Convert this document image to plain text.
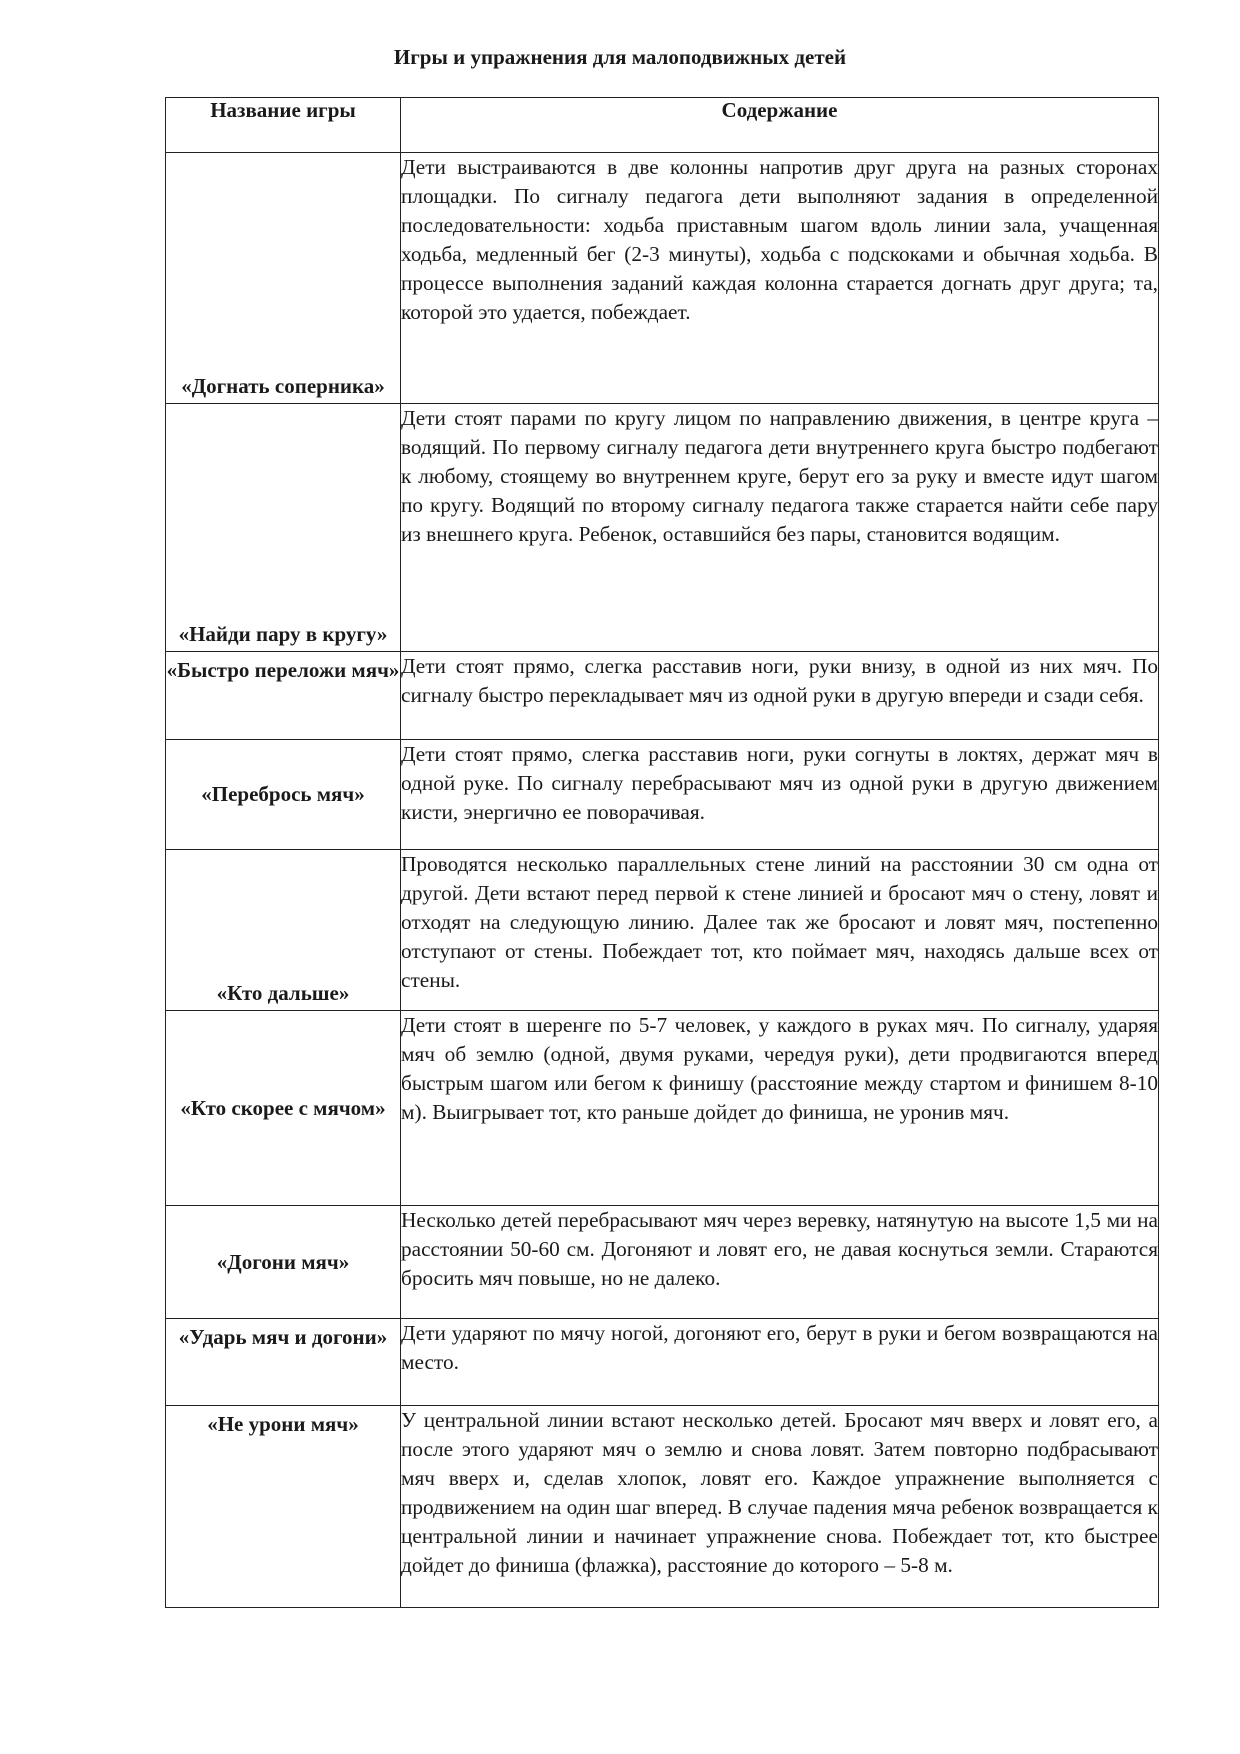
Игры и упражнения для малоподвижных детей
Название игры	Содержание
«Догнать соперника»	Дети выстраиваются в две колонны напротив друг друга на разных сторонах площадки. По сигналу педагога дети выполняют задания в определенной последовательности: ходьба приставным шагом вдоль линии зала, учащенная ходьба, медленный бег (2-3 минуты), ходьба с подскоками и обычная ходьба. В процессе выполнения заданий каждая колонна старается догнать друг друга; та, которой это удается, побеждает.
«Найди пару в кругу»	Дети стоят парами по кругу лицом по направлению движения, в центре круга – водящий. По первому сигналу педагога дети внутреннего круга быстро подбегают к любому, стоящему во внутреннем круге, берут его за руку и вместе идут шагом по кругу. Водящий по второму сигналу педагога также старается найти себе пару из внешнего круга. Ребенок, оставшийся без пары, становится водящим.
«Быстро переложи мяч»	Дети стоят прямо, слегка расставив ноги, руки внизу, в одной из них мяч. По сигналу быстро перекладывает мяч из одной руки в другую впереди и сзади себя.
«Переброcь мяч»	Дети стоят прямо, слегка расставив ноги, руки согнуты в локтях, держат мяч в одной руке. По сигналу перебрасывают мяч из одной руки в другую движением кисти, энергично ее поворачивая.
«Кто дальше»	Проводятся несколько параллельных стене линий на расстоянии 30 см одна от другой. Дети встают перед первой к стене линией и бросают мяч о стену, ловят и отходят на следующую линию. Далее так же бросают и ловят мяч, постепенно отступают от стены. Побеждает тот, кто поймает мяч, находясь дальше всех от стены.
«Кто скорее с мячом»	Дети стоят в шеренге по 5-7 человек, у каждого в руках мяч. По сигналу, ударяя мяч об землю (одной, двумя руками, чередуя руки), дети продвигаются вперед быстрым шагом или бегом к финишу (расстояние между стартом и финишем 8-10 м). Выигрывает тот, кто раньше дойдет до финиша, не уронив мяч.
«Догони мяч»	Несколько детей перебрасывают мяч через веревку, натянутую на высоте 1,5 ми на расстоянии 50-60 см. Догоняют и ловят его, не давая коснуться земли. Стараются бросить мяч повыше, но не далеко.
«Ударь мяч и догони»	Дети ударяют по мячу ногой, догоняют его, берут в руки и бегом возвращаются на место.
«Не урони мяч»	У центральной линии встают несколько детей. Бросают мяч вверх и ловят его, а после этого ударяют мяч о землю и снова ловят. Затем повторно подбрасывают мяч вверх и, сделав хлопок, ловят его. Каждое упражнение выполняется с продвижением на один шаг вперед. В случае падения мяча ребенок возвращается к центральной линии и начинает упражнение снова. Побеждает тот, кто быстрее дойдет до финиша (флажка), расстояние до которого – 5-8 м.
